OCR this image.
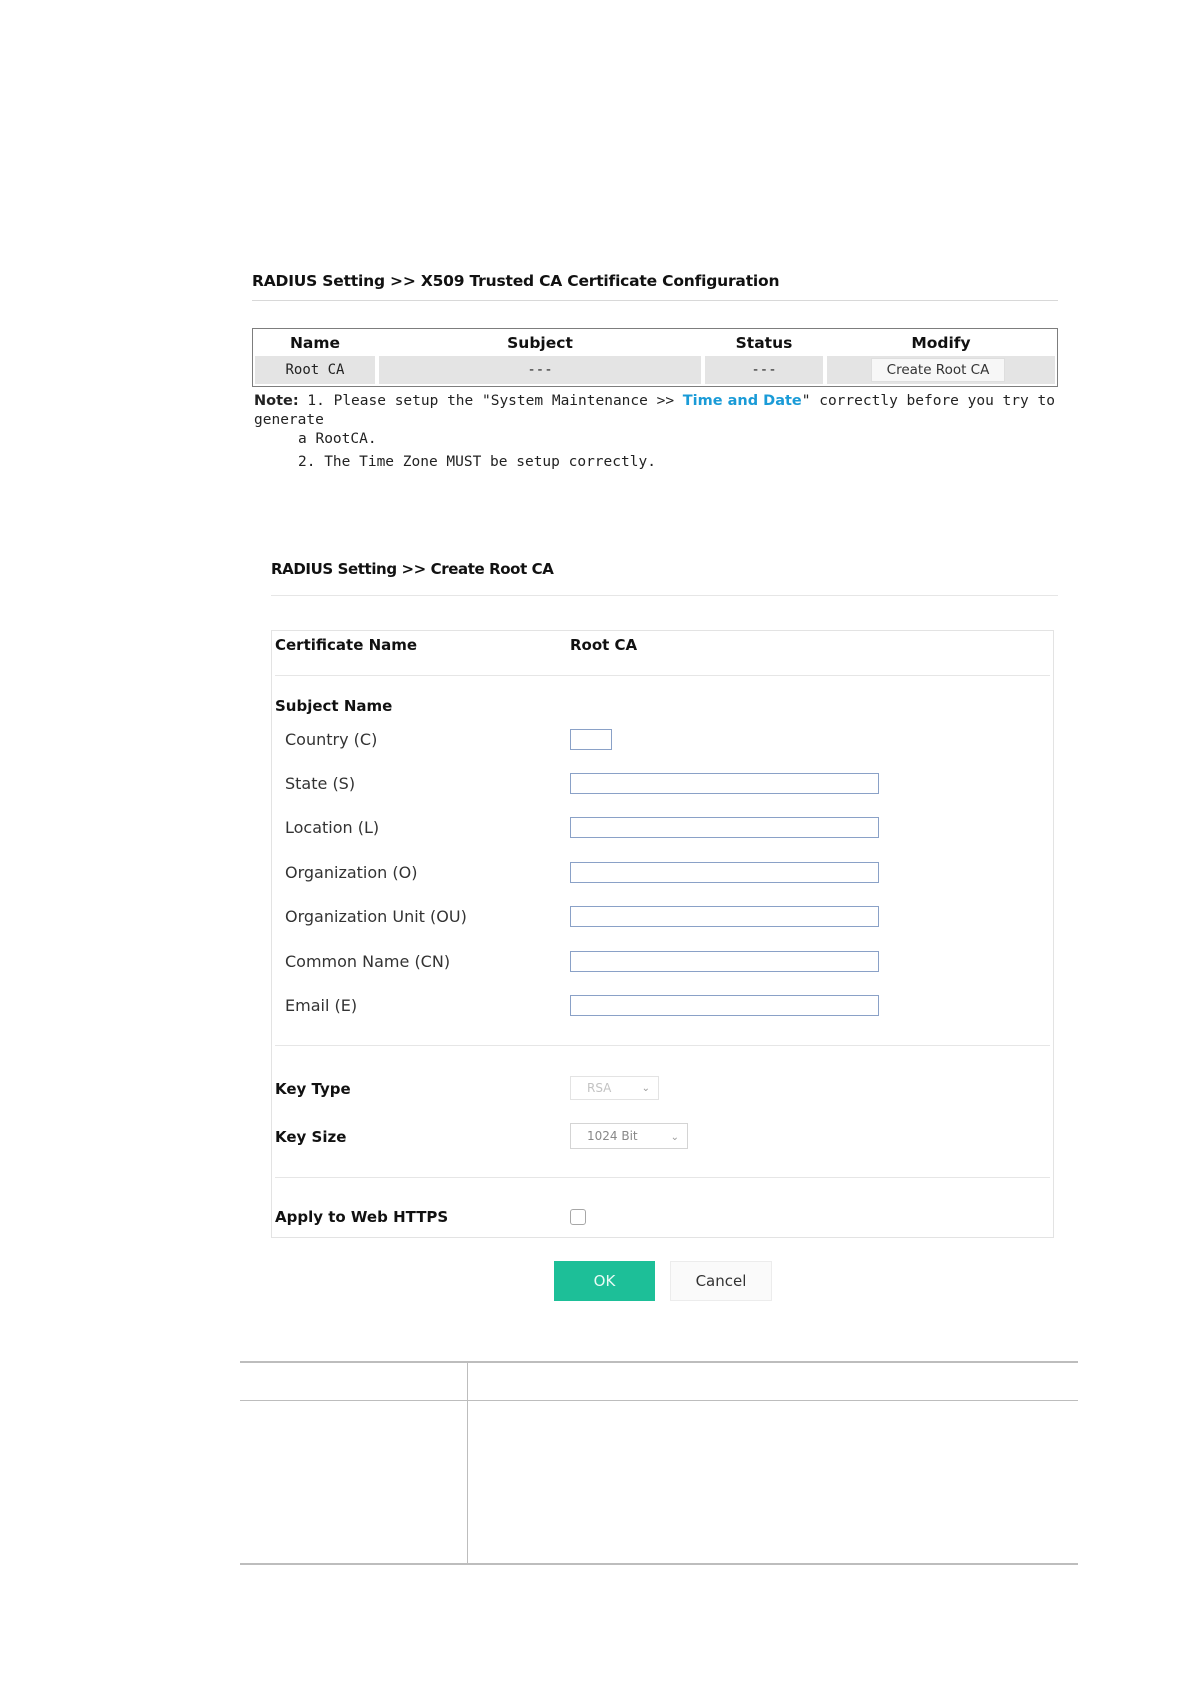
RADIUS Setting >> X509 Trusted CA Certificate Configuration
Name	Subject	Status	Modify
Root CA	---	---	Create Root CA
Note: 1. Please setup the "System Maintenance >> Time and Date" correctly before you try to generate
a RootCA.
2. The Time Zone MUST be setup correctly.
RADIUS Setting >> Create Root CA
Certificate Name	Root CA
Subject Name
Country (C)
State (S)
Location (L)
Organization (O)
Organization Unit (OU)
Common Name (CN)
Email (E)
Key Type	RSA	⌄
Key Size	1024 Bit	⌄
Apply to Web HTTPS
OK	Cancel
